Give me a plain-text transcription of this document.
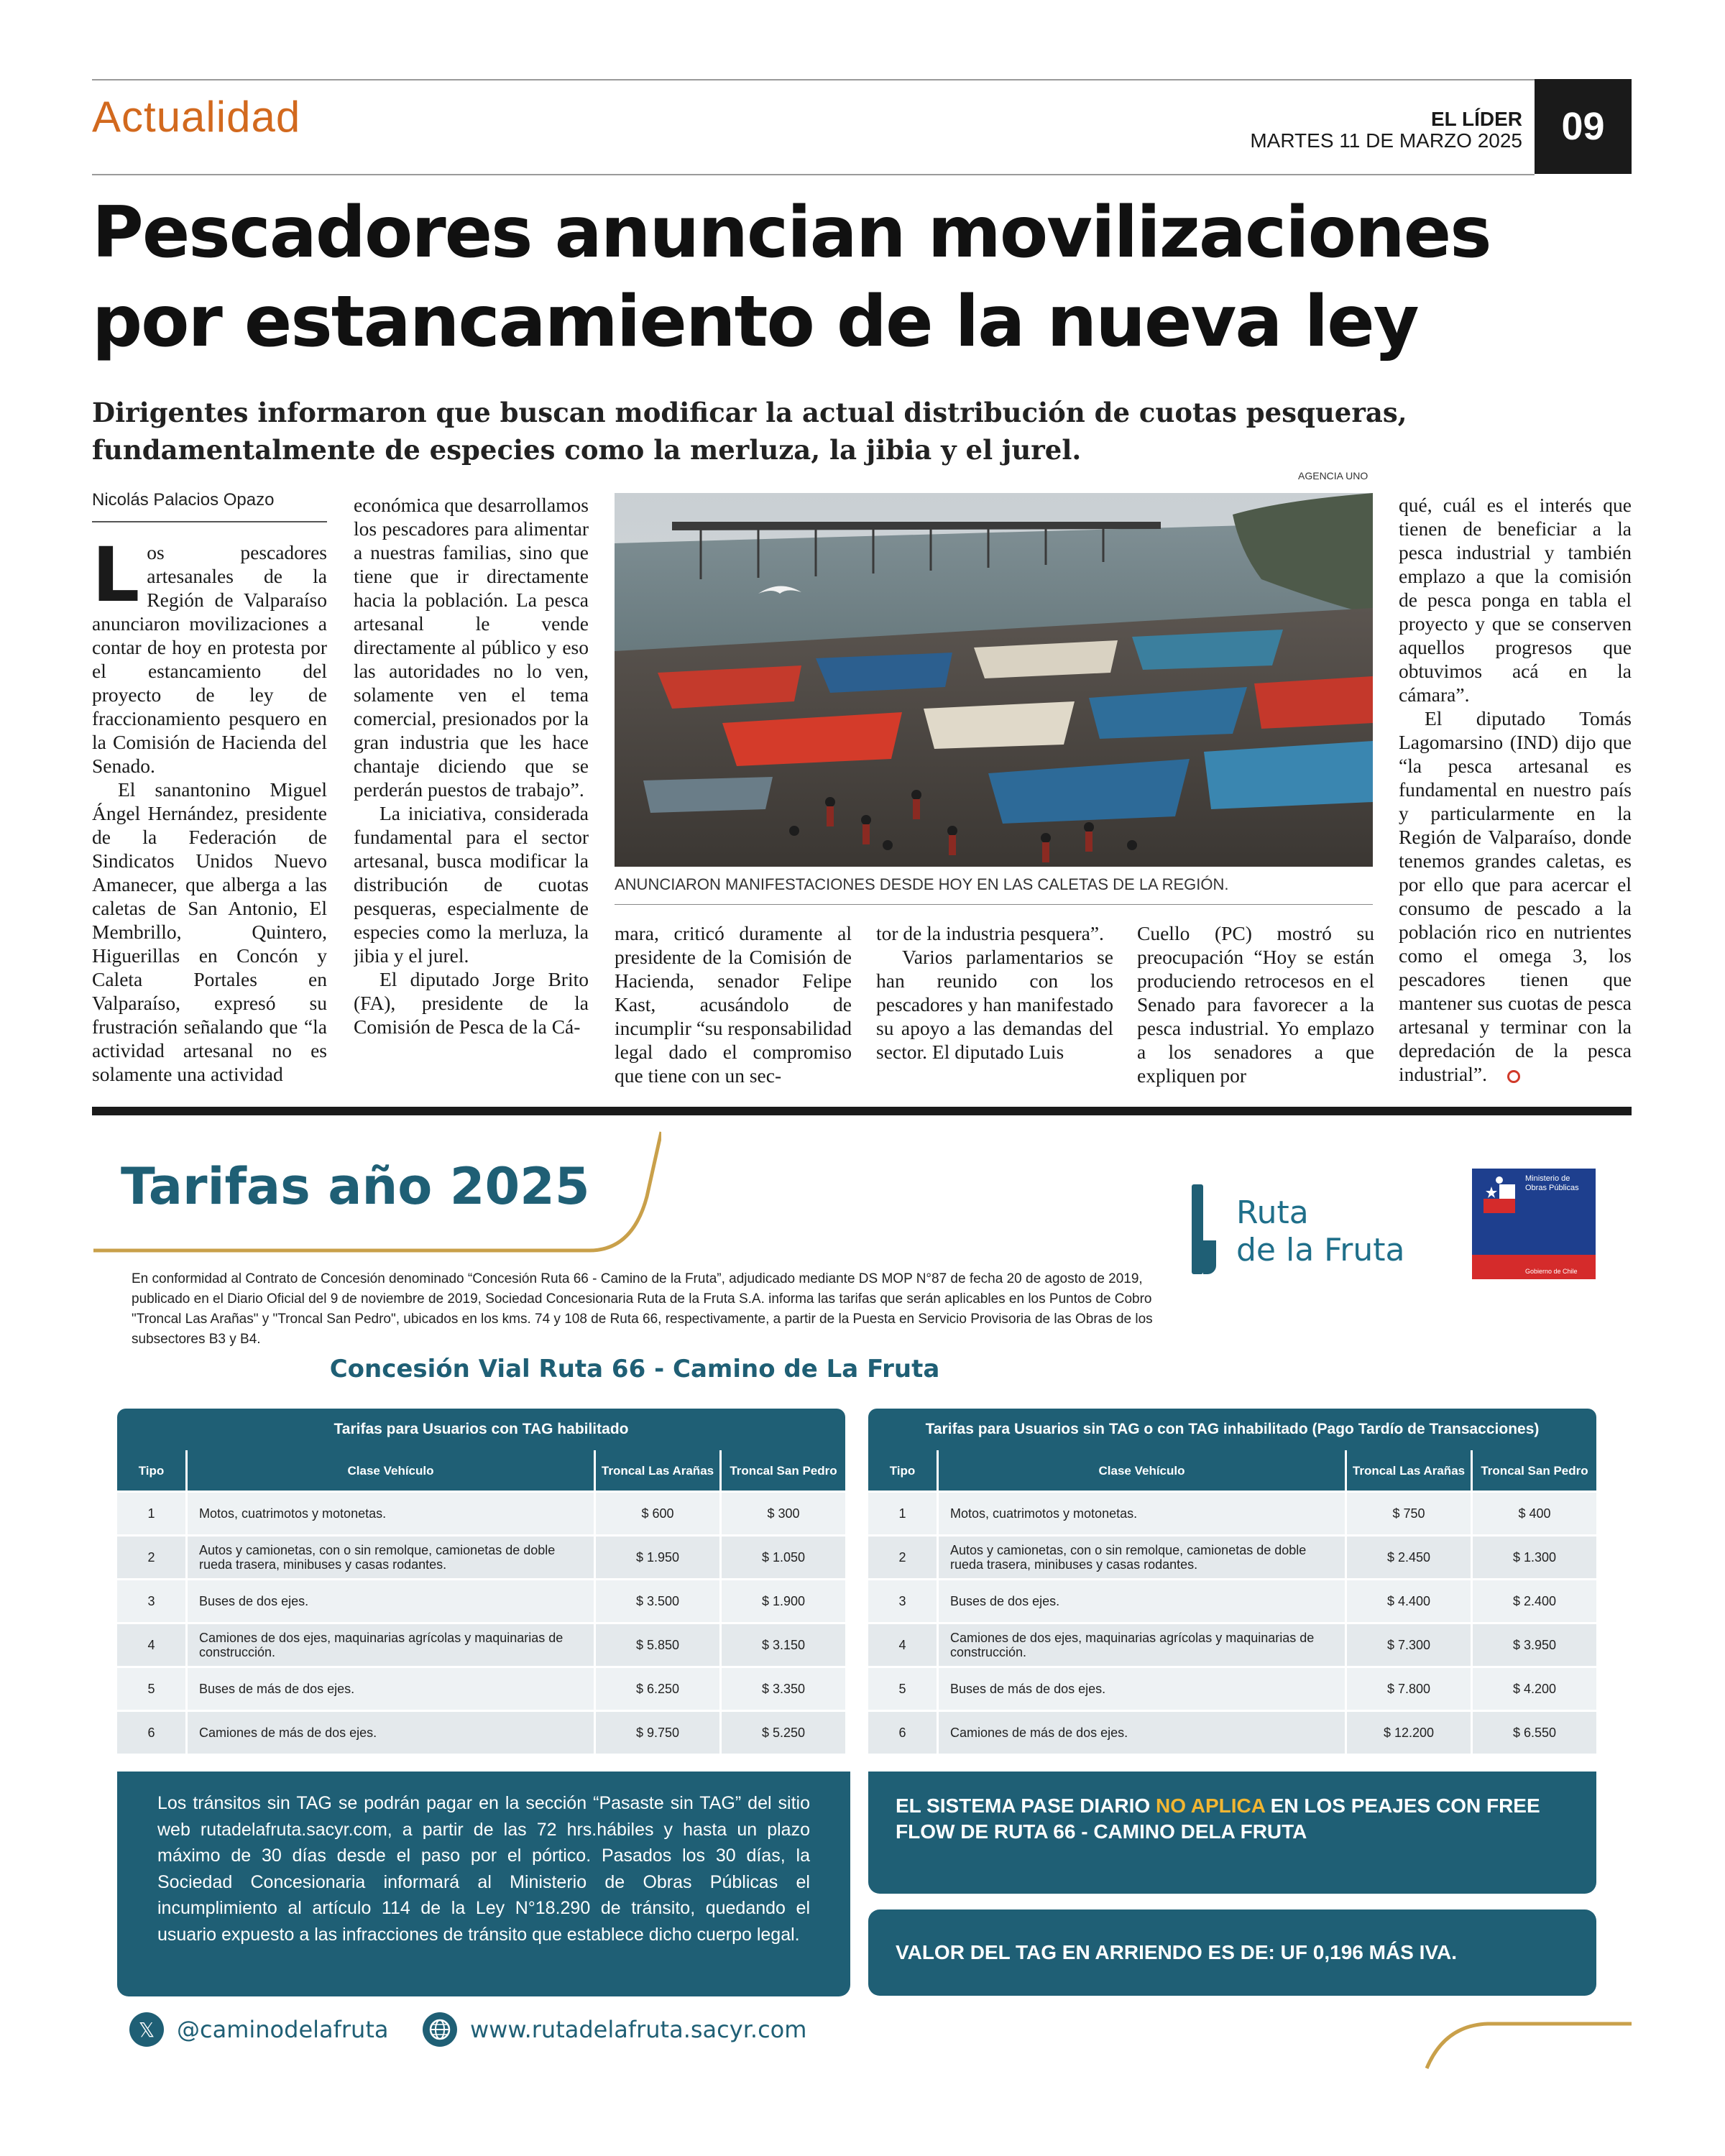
Actualidad	EL LÍDER
MARTES 11 DE MARZO 2025	09
Pescadores anuncian movilizaciones por estancamiento de la nueva ley
Dirigentes informaron que buscan modificar la actual distribución de cuotas pesqueras, fundamentalmente de especies como la merluza, la jibia y el jurel.
Nicolás Palacios Opazo

Los pescadores artesanales de la Región de Valparaíso anunciaron movilizaciones a contar de hoy en protesta por el estancamiento del proyecto de ley de fraccionamiento pesquero en la Comisión de Hacienda del Senado.

El sanantonino Miguel Ángel Hernández, presidente de la Federación de Sindicatos Unidos Nuevo Amanecer, que alberga a las caletas de San Antonio, El Membrillo, Quintero, Higuerillas en Concón y Caleta Portales en Valparaíso, expresó su frustración señalando que “la actividad artesanal no es solamente una actividad

económica que desarrollamos los pescadores para alimentar a nuestras familias, sino que tiene que ir directamente hacia la población. La pesca artesanal le vende directamente al público y eso las autoridades no lo ven, solamente ven el tema comercial, presionados por la gran industria que les hace chantaje diciendo que se perderán puestos de trabajo”.

La iniciativa, considerada fundamental para el sector artesanal, busca modificar la distribución de cuotas pesqueras, especialmente de especies como la merluza, la jibia y el jurel.

El diputado Jorge Brito (FA), presidente de la Comisión de Pesca de la Cá-

AGENCIA UNO
ANUNCIARON MANIFESTACIONES DESDE HOY EN LAS CALETAS DE LA REGIÓN.

mara, criticó duramente al presidente de la Comisión de Hacienda, senador Felipe Kast, acusándolo de incumplir “su responsabilidad legal dado el compromiso que tiene con un sec-

tor de la industria pesquera”.

Varios parlamentarios se han reunido con los pescadores y han manifestado su apoyo a las demandas del sector. El diputado Luis

Cuello (PC) mostró su preocupación “Hoy se están produciendo retrocesos en el Senado para favorecer a la pesca industrial. Yo emplazo a los senadores a que expliquen por

qué, cuál es el interés que tienen de beneficiar a la pesca industrial y también emplazo a que la comisión de pesca ponga en tabla el proyecto y que se conserven aquellos progresos que obtuvimos acá en la cámara”.

El diputado Tomás Lagomarsino (IND) dijo que “la pesca artesanal es fundamental en nuestro país y particularmente en la Región de Valparaíso, donde tenemos grandes caletas, es por ello que para acercar el consumo de pescado a la población rico en nutrientes como el omega 3, los pescadores tienen que mantener sus cuotas de pesca artesanal y terminar con la depredación de la pesca industrial”.

Tarifas año 2025	Ruta
de la Fruta
Ministerio de Obras Públicas
Gobierno de Chile
En conformidad al Contrato de Concesión denominado “Concesión Ruta 66 - Camino de la Fruta”, adjudicado mediante DS MOP N°87 de fecha 20 de agosto de 2019, publicado en el Diario Oficial del 9 de noviembre de 2019, Sociedad Concesionaria Ruta de la Fruta S.A. informa las tarifas que serán aplicables en los Puntos de Cobro "Troncal Las Arañas" y "Troncal San Pedro", ubicados en los kms. 74 y 108 de Ruta 66, respectivamente, a partir de la Puesta en Servicio Provisoria de las Obras de los subsectores B3 y B4.
Concesión Vial Ruta 66 - Camino de La Fruta
Tarifas para Usuarios con TAG habilitado
Tipo	Clase Vehículo	Troncal Las Arañas	Troncal San Pedro
1	Motos, cuatrimotos y motonetas.	$ 600	$ 300
2	Autos y camionetas, con o sin remolque, camionetas de doble rueda trasera, minibuses y casas rodantes.	$ 1.950	$ 1.050
3	Buses de dos ejes.	$ 3.500	$ 1.900
4	Camiones de dos ejes, maquinarias agrícolas y maquinarias de construcción.	$ 5.850	$ 3.150
5	Buses de más de dos ejes.	$ 6.250	$ 3.350
6	Camiones de más de dos ejes.	$ 9.750	$ 5.250
Tarifas para Usuarios sin TAG o con TAG inhabilitado (Pago Tardío de Transacciones)
Tipo	Clase Vehículo	Troncal Las Arañas	Troncal San Pedro
1	Motos, cuatrimotos y motonetas.	$ 750	$ 400
2	Autos y camionetas, con o sin remolque, camionetas de doble rueda trasera, minibuses y casas rodantes.	$ 2.450	$ 1.300
3	Buses de dos ejes.	$ 4.400	$ 2.400
4	Camiones de dos ejes, maquinarias agrícolas y maquinarias de construcción.	$ 7.300	$ 3.950
5	Buses de más de dos ejes.	$ 7.800	$ 4.200
6	Camiones de más de dos ejes.	$ 12.200	$ 6.550
Los tránsitos sin TAG se podrán pagar en la sección “Pasaste sin TAG” del sitio web rutadelafruta.sacyr.com, a partir de las 72 hrs.hábiles y hasta un plazo máximo de 30 días desde el paso por el pórtico. Pasados los 30 días, la Sociedad Concesionaria informará al Ministerio de Obras Públicas el incumplimiento al artículo 114 de la Ley N°18.290 de tránsito, quedando el usuario expuesto a las infracciones de tránsito que establece dicho cuerpo legal.
EL SISTEMA PASE DIARIO NO APLICA EN LOS PEAJES CON FREE FLOW DE RUTA 66 - CAMINO DELA FRUTA
VALOR DEL TAG EN ARRIENDO ES DE: UF 0,196 MÁS IVA.
𝕏 @caminodelafruta	www.rutadelafruta.sacyr.com
